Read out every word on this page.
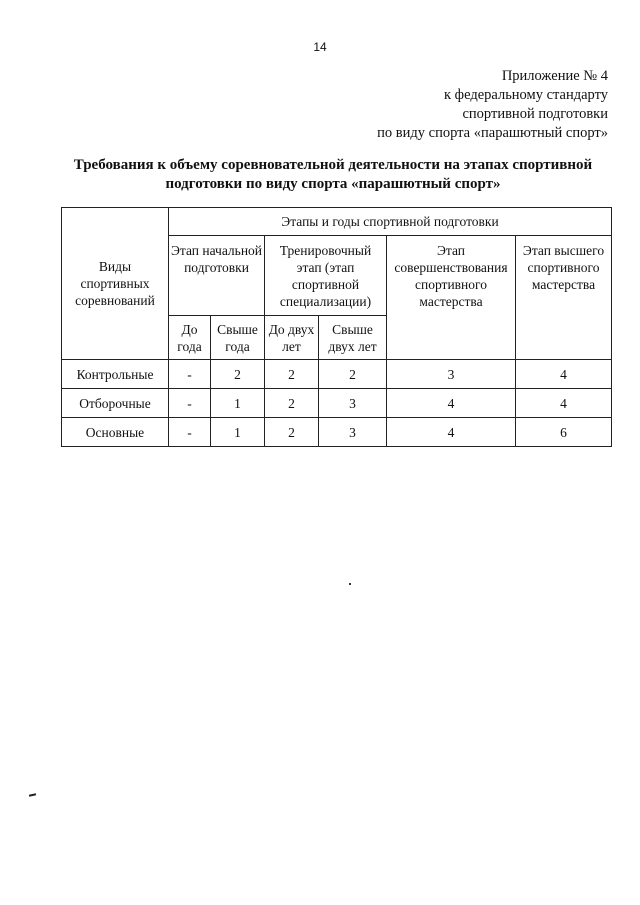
14
Приложение № 4
к федеральному стандарту
спортивной подготовки
по виду спорта «парашютный спорт»
Требования к объему соревновательной деятельности на этапах спортивной
подготовки по виду спорта «парашютный спорт»
Виды спортивных соревнований	Этапы и годы спортивной подготовки					
	Этап начальной подготовки		Тренировочный этап (этап спортивной специализации)		Этап совершенствования спортивного мастерства	Этап высшего спортивного мастерства
	До года	Свыше года	До двух лет	Свыше двух лет		
Контрольные	-	2	2	2	3	4
Отборочные	-	1	2	3	4	4
Основные	-	1	2	3	4	6
